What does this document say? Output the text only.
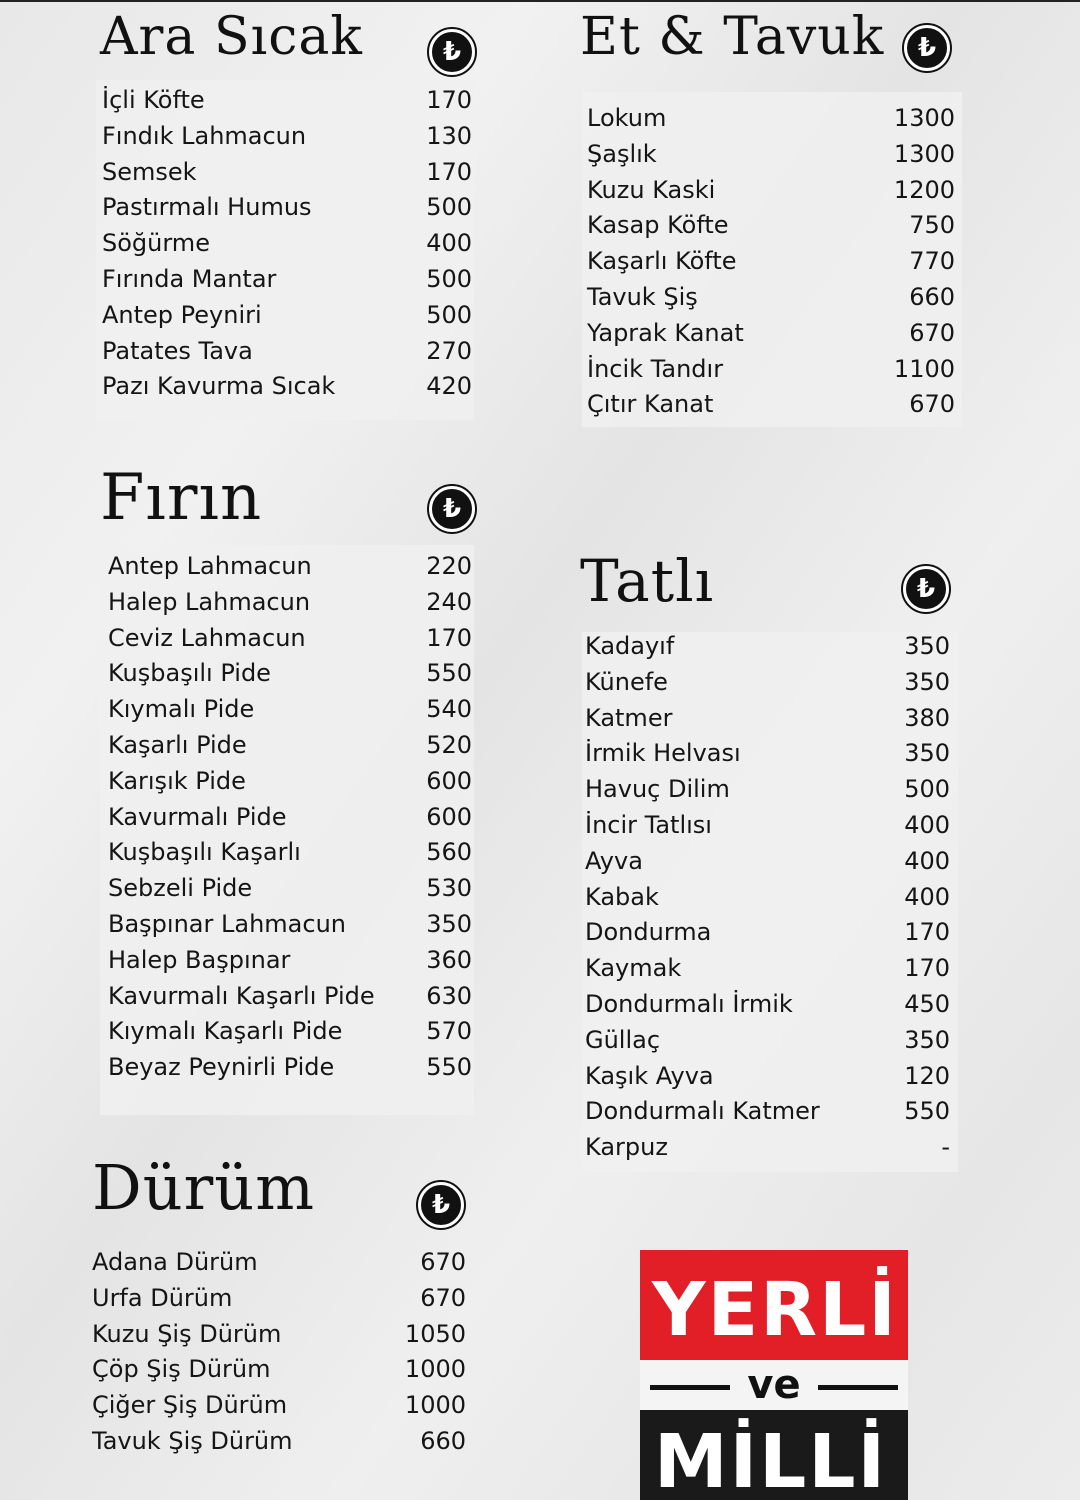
Ara Sıcak	₺
İçli Köfte	170
Fındık Lahmacun	130
Semsek	170
Pastırmalı Humus	500
Söğürme	400
Fırında Mantar	500
Antep Peyniri	500
Patates Tava	270
Pazı Kavurma Sıcak	420
Et & Tavuk	₺
Lokum	1300
Şaşlık	1300
Kuzu Kaski	1200
Kasap Köfte	750
Kaşarlı Köfte	770
Tavuk Şiş	660
Yaprak Kanat	670
İncik Tandır	1100
Çıtır Kanat	670
Fırın	₺
Antep Lahmacun	220
Halep Lahmacun	240
Ceviz Lahmacun	170
Kuşbaşılı Pide	550
Kıymalı Pide	540
Kaşarlı Pide	520
Karışık Pide	600
Kavurmalı Pide	600
Kuşbaşılı Kaşarlı	560
Sebzeli Pide	530
Başpınar Lahmacun	350
Halep Başpınar	360
Kavurmalı Kaşarlı Pide 630
Kıymalı Kaşarlı Pide	570
Beyaz Peynirli Pide	550
Tatlı	₺
Kadayıf	350
Künefe	350
Katmer	380
İrmik Helvası	350
Havuç Dilim	500
İncir Tatlısı	400
Ayva	400
Kabak	400
Dondurma	170
Kaymak	170
Dondurmalı İrmik	450
Güllaç	350
Kaşık Ayva	120
Dondurmalı Katmer	550
Karpuz	-
Dürüm	₺
Adana Dürüm	670
Urfa Dürüm	670
Kuzu Şiş Dürüm	1050
Çöp Şiş Dürüm	1000
Çiğer Şiş Dürüm	1000
Tavuk Şiş Dürüm	660
YERLİ
ve
MİLLİ
